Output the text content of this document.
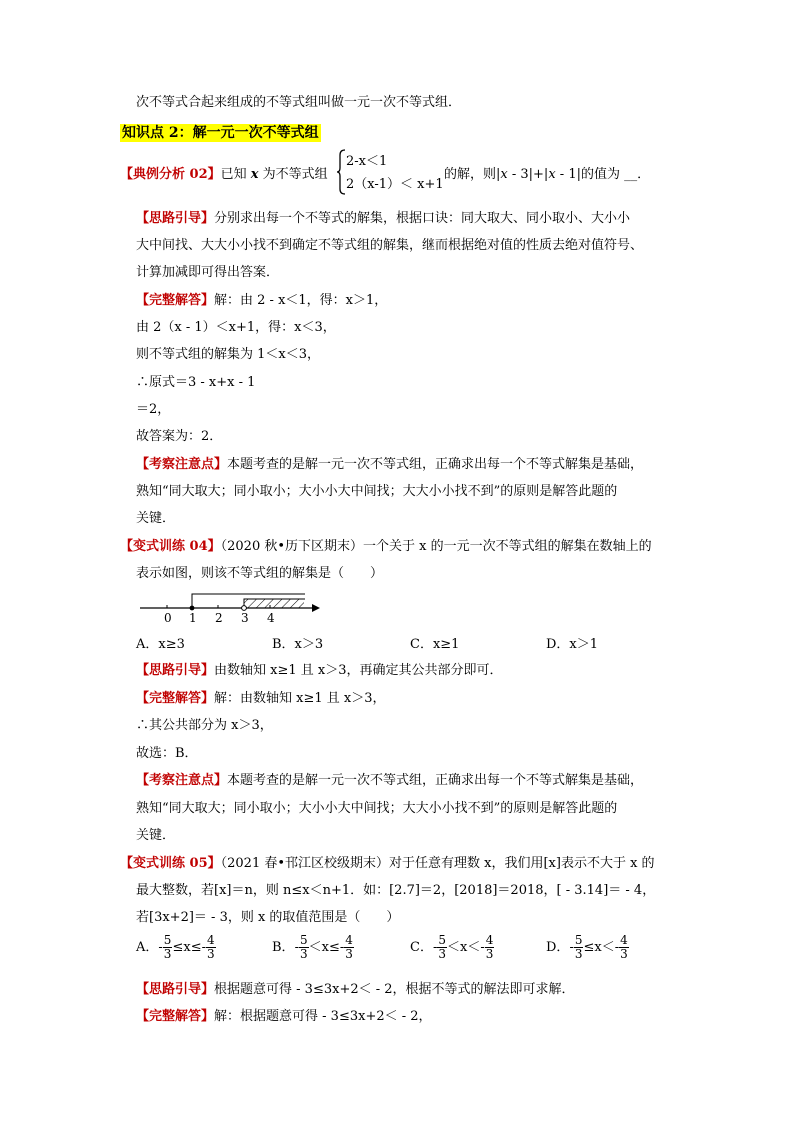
次不等式合起来组成的不等式组叫做一元一次不等式组．
知识点 2：解一元一次不等式组
【典例分析 02】已知 x 为不等式组
2-x＜1
2（x-1）＜ x+1
的解，则|x - 3|+|x - 1|的值为 __．
【思路引导】分别求出每一个不等式的解集，根据口诀：同大取大、同小取小、大小小
大中间找、大大小小找不到确定不等式组的解集，继而根据绝对值的性质去绝对值符号、
计算加减即可得出答案．
【完整解答】解：由 2 - x＜1，得：x＞1，
由 2（x - 1）＜x+1，得：x＜3，
则不等式组的解集为 1＜x＜3，
∴原式＝3 - x+x - 1
＝2，
故答案为：2．
【考察注意点】本题考查的是解一元一次不等式组，正确求出每一个不等式解集是基础，
熟知“同大取大；同小取小；大小小大中间找；大大小小找不到”的原则是解答此题的
关键．
【变式训练 04】（2020 秋•历下区期末）一个关于 x 的一元一次不等式组的解集在数轴上的
表示如图，则该不等式组的解集是（　　）
0 1 2 3 4
A．x≥3	B．x＞3	C．x≥1	D．x＞1
【思路引导】由数轴知 x≥1 且 x＞3，再确定其公共部分即可．
【完整解答】解：由数轴知 x≥1 且 x＞3，
∴其公共部分为 x＞3，
故选：B．
【考察注意点】本题考查的是解一元一次不等式组，正确求出每一个不等式解集是基础，
熟知“同大取大；同小取小；大小小大中间找；大大小小找不到”的原则是解答此题的
关键．
【变式训练 05】（2021 春•邗江区校级期末）对于任意有理数 x，我们用[x]表示不大于 x 的
最大整数，若[x]＝n，则 n≤x＜n+1．如：[2.7]＝2，[2018]＝2018，[ - 3.14]＝ - 4，
若[3x+2]＝ - 3，则 x 的取值范围是（　　）
A．- $\frac{5}{3} \le x\le- \frac{4}{3}$	B．- $\frac{5}{3} <x\le- \frac{4}{3}$	C．- $\frac{5}{3} <x<- \frac{4}{3}$	D．- $\frac{5}{3} \le x<- \frac{4}{3}$
【思路引导】根据题意可得 - 3≤3x+2＜ - 2，根据不等式的解法即可求解．
【完整解答】解：根据题意可得 - 3≤3x+2＜ - 2，
